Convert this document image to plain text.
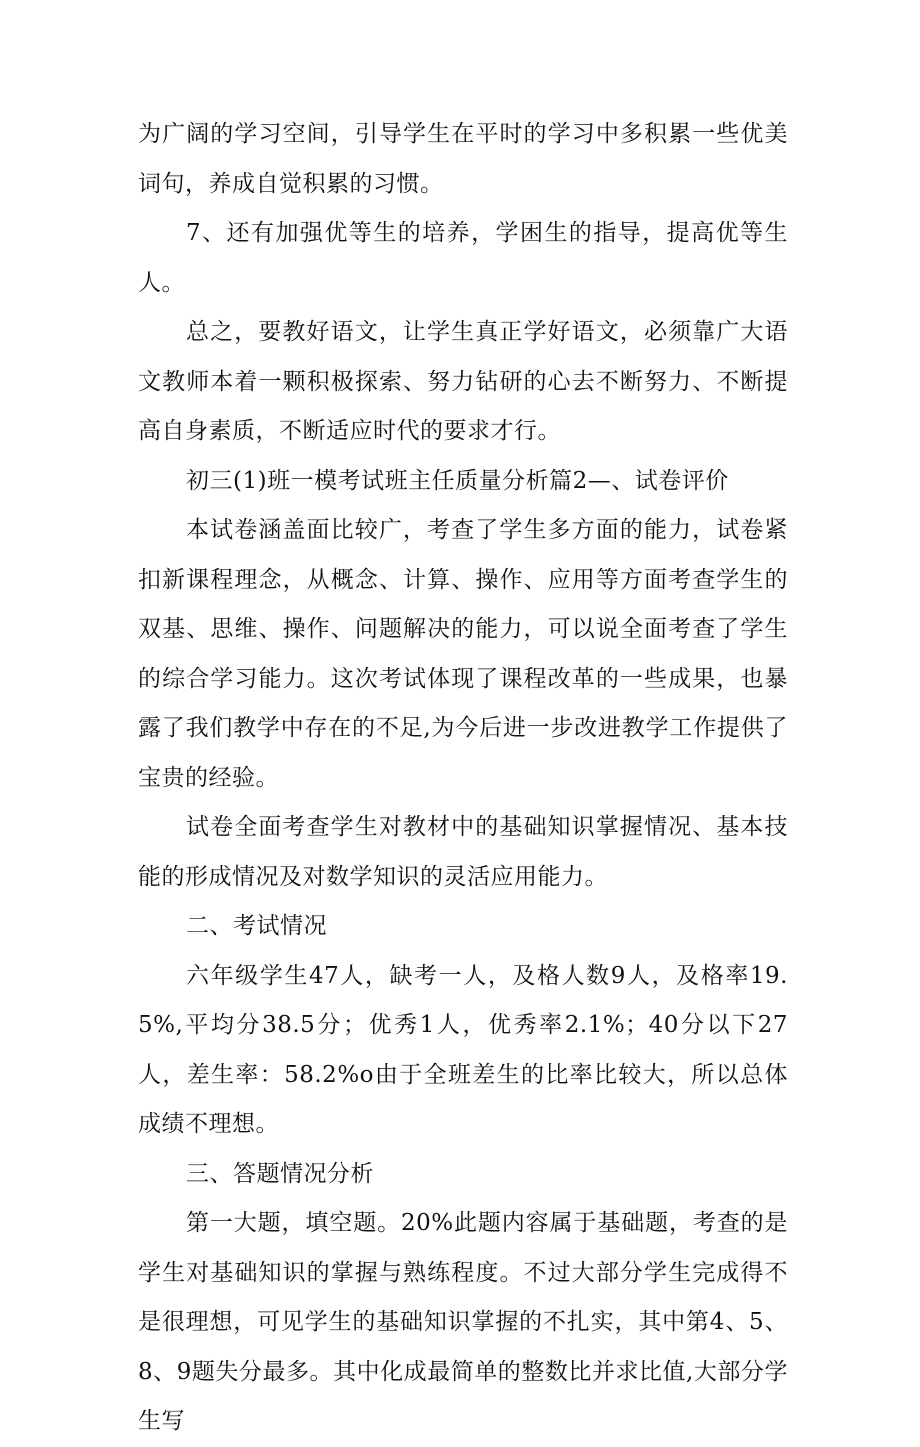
为广阔的学习空间，引导学生在平时的学习中多积累一些优美词句，养成自觉积累的习惯。

7、还有加强优等生的培养，学困生的指导，提高优等生人。

总之，要教好语文，让学生真正学好语文，必须靠广大语文教师本着一颗积极探索、努力钻研的心去不断努力、不断提高自身素质，不断适应时代的要求才行。

初三(1)班一模考试班主任质量分析篇2—、试卷评价

本试卷涵盖面比较广，考查了学生多方面的能力，试卷紧扣新课程理念，从概念、计算、操作、应用等方面考查学生的双基、思维、操作、问题解决的能力，可以说全面考查了学生的综合学习能力。这次考试体现了课程改革的一些成果，也暴露了我们教学中存在的不足,为今后进一步改进教学工作提供了宝贵的经验。

试卷全面考查学生对教材中的基础知识掌握情况、基本技能的形成情况及对数学知识的灵活应用能力。

二、考试情况

六年级学生47人，缺考一人，及格人数9人，及格率19.5%,平均分38.5分；优秀1人，优秀率2.1%；40分以下27人，差生率：58.2%o由于全班差生的比率比较大，所以总体成绩不理想。

三、答题情况分析

第一大题，填空题。20%此题内容属于基础题，考查的是学生对基础知识的掌握与熟练程度。不过大部分学生完成得不是很理想，可见学生的基础知识掌握的不扎实，其中第4、5、8、9题失分最多。其中化成最简单的整数比并求比值,大部分学生写
